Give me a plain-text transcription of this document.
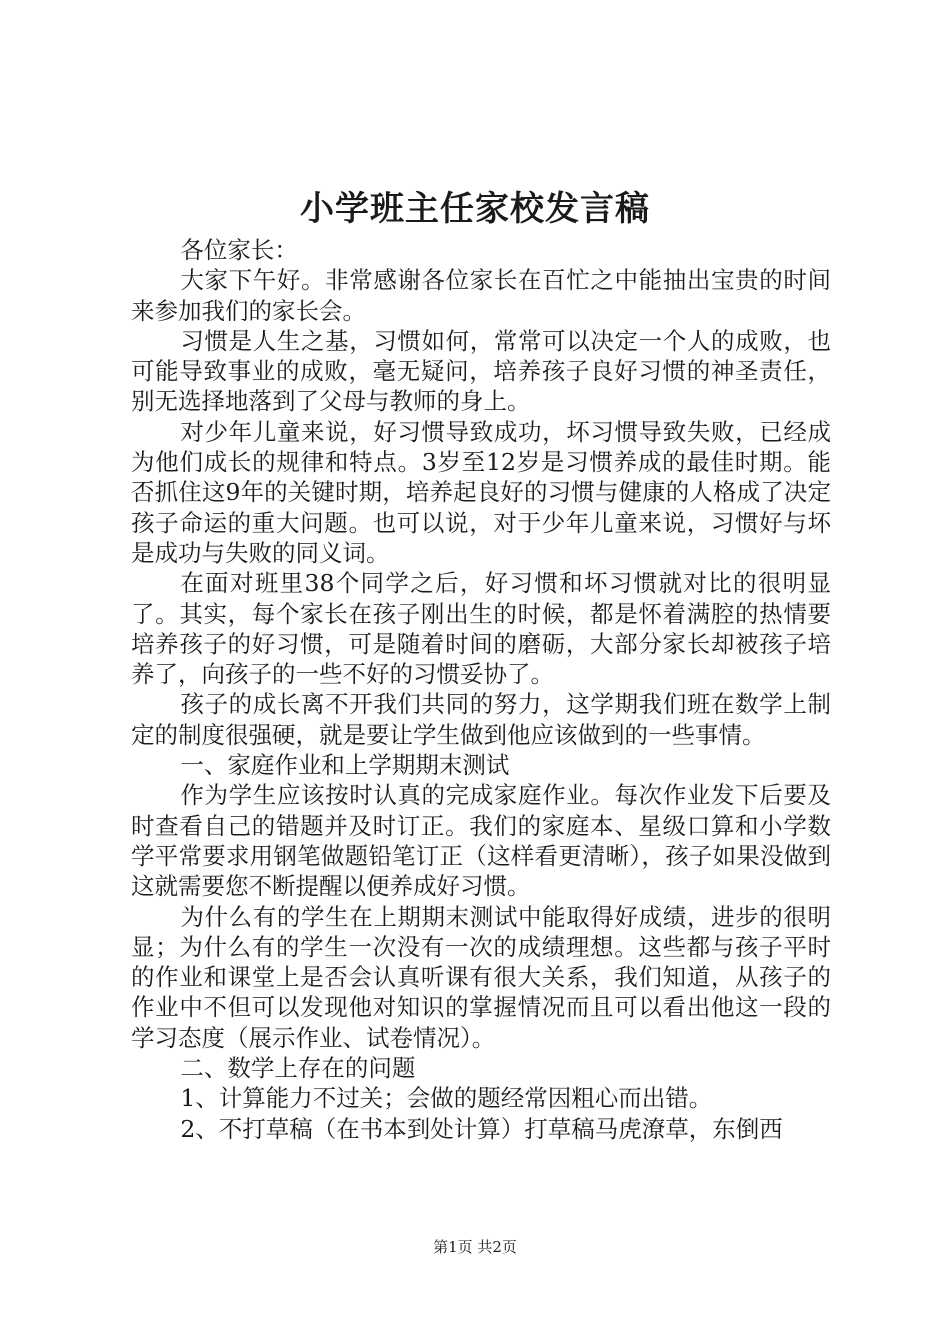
小学班主任家校发言稿

各位家长：

大家下午好。非常感谢各位家长在百忙之中能抽出宝贵的时间来参加我们的家长会。

习惯是人生之基，习惯如何，常常可以决定一个人的成败，也可能导致事业的成败，毫无疑问，培养孩子良好习惯的神圣责任，别无选择地落到了父母与教师的身上。

对少年儿童来说，好习惯导致成功，坏习惯导致失败，已经成为他们成长的规律和特点。3岁至12岁是习惯养成的最佳时期。能否抓住这9年的关键时期，培养起良好的习惯与健康的人格成了决定孩子命运的重大问题。也可以说，对于少年儿童来说，习惯好与坏是成功与失败的同义词。

在面对班里38个同学之后，好习惯和坏习惯就对比的很明显了。其实，每个家长在孩子刚出生的时候，都是怀着满腔的热情要培养孩子的好习惯，可是随着时间的磨砺，大部分家长却被孩子培养了，向孩子的一些不好的习惯妥协了。

孩子的成长离不开我们共同的努力，这学期我们班在数学上制定的制度很强硬，就是要让学生做到他应该做到的一些事情。

一、家庭作业和上学期期末测试

作为学生应该按时认真的完成家庭作业。每次作业发下后要及时查看自己的错题并及时订正。我们的家庭本、星级口算和小学数学平常要求用钢笔做题铅笔订正（这样看更清晰），孩子如果没做到这就需要您不断提醒以便养成好习惯。

为什么有的学生在上期期末测试中能取得好成绩，进步的很明显；为什么有的学生一次没有一次的成绩理想。这些都与孩子平时的作业和课堂上是否会认真听课有很大关系，我们知道，从孩子的作业中不但可以发现他对知识的掌握情况而且可以看出他这一段的学习态度（展示作业、试卷情况）。

二、数学上存在的问题

1、计算能力不过关；会做的题经常因粗心而出错。

2、不打草稿（在书本到处计算）打草稿马虎潦草，东倒西

第1页 共2页
